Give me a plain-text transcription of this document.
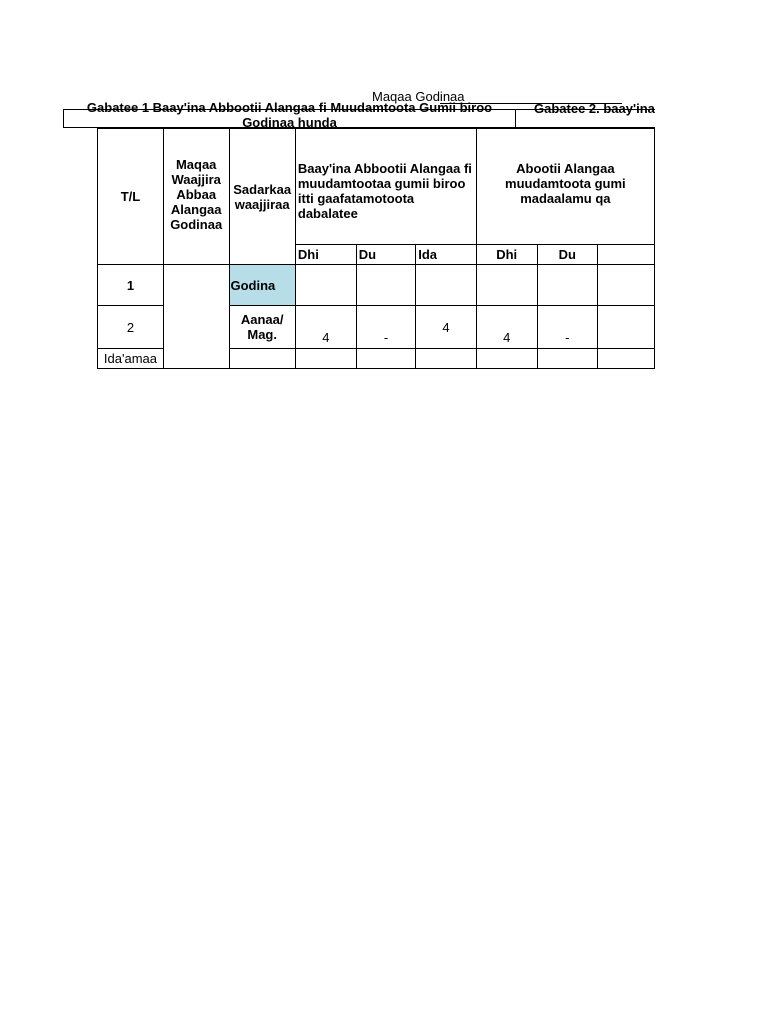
Maqaa Godinaa
Gabatee 1 Baay'ina Abbootii Alangaa fi Muudamtoota Gumii biroo
Godinaa hunda
Gabatee 2. baay'ina
T/L	Maqaa Waajjira Abbaa Alangaa Godinaa	Sadarkaa waajjiraa	Baay'ina Abbootii Alangaa fi muudamtootaa gumii biroo itti gaafatamotoota dabalatee			Abootii Alangaa muudamtoota gumi madaalamu qa		
			Dhi	Du	Ida	Dhi	Du	
1		Godina						
2		Aanaa/ Mag.	4	-	4	4	-	
Ida'amaa								
